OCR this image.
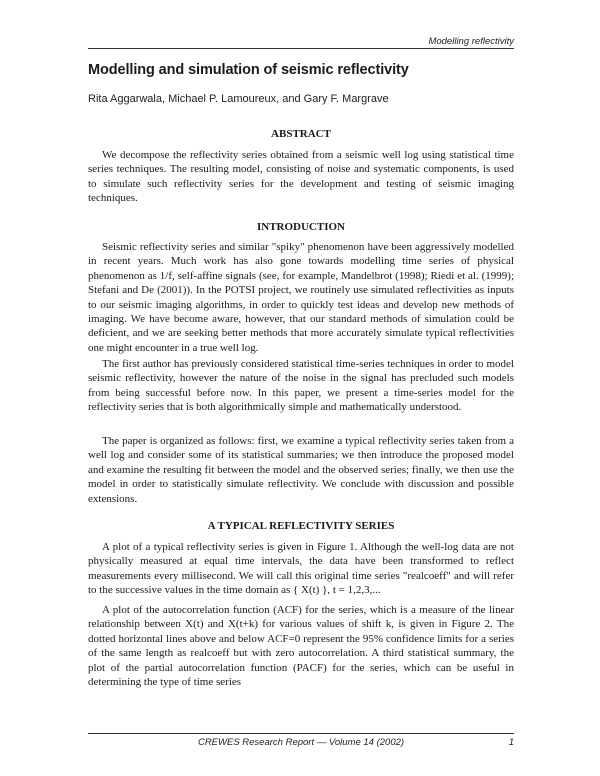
Modelling reflectivity
Modelling and simulation of seismic reflectivity
Rita Aggarwala, Michael P. Lamoureux, and Gary F. Margrave
ABSTRACT

We decompose the reflectivity series obtained from a seismic well log using statistical time series techniques. The resulting model, consisting of noise and systematic components, is used to simulate such reflectivity series for the development and testing of seismic imaging techniques.

INTRODUCTION

Seismic reflectivity series and similar "spiky" phenomenon have been aggressively modelled in recent years. Much work has also gone towards modelling time series of physical phenomenon as 1/f, self-affine signals (see, for example, Mandelbrot (1998); Riedi et al. (1999); Stefani and De (2001)). In the POTSI project, we routinely use simulated reflectivities as inputs to our seismic imaging algorithms, in order to quickly test ideas and develop new methods of imaging. We have become aware, however, that our standard methods of simulation could be deficient, and we are seeking better methods that more accurately simulate typical reflectivities one might encounter in a true well log.

The first author has previously considered statistical time-series techniques in order to model seismic reflectivity, however the nature of the noise in the signal has precluded such models from being successful before now. In this paper, we present a time-series model for the reflectivity series that is both algorithmically simple and mathematically understood.

The paper is organized as follows: first, we examine a typical reflectivity series taken from a well log and consider some of its statistical summaries; we then introduce the proposed model and examine the resulting fit between the model and the observed series; finally, we then use the model in order to statistically simulate reflectivity. We conclude with discussion and possible extensions.

A TYPICAL REFLECTIVITY SERIES

A plot of a typical reflectivity series is given in Figure 1. Although the well-log data are not physically measured at equal time intervals, the data have been transformed to reflect measurements every millisecond. We will call this original time series "realcoeff" and will refer to the successive values in the time domain as { X(t) }, t = 1,2,3,...

A plot of the autocorrelation function (ACF) for the series, which is a measure of the linear relationship between X(t) and X(t+k) for various values of shift k, is given in Figure 2. The dotted horizontal lines above and below ACF=0 represent the 95% confidence limits for a series of the same length as realcoeff but with zero autocorrelation. A third statistical summary, the plot of the partial autocorrelation function (PACF) for the series, which can be useful in determining the type of time series

CREWES Research Report — Volume 14 (2002)	1
